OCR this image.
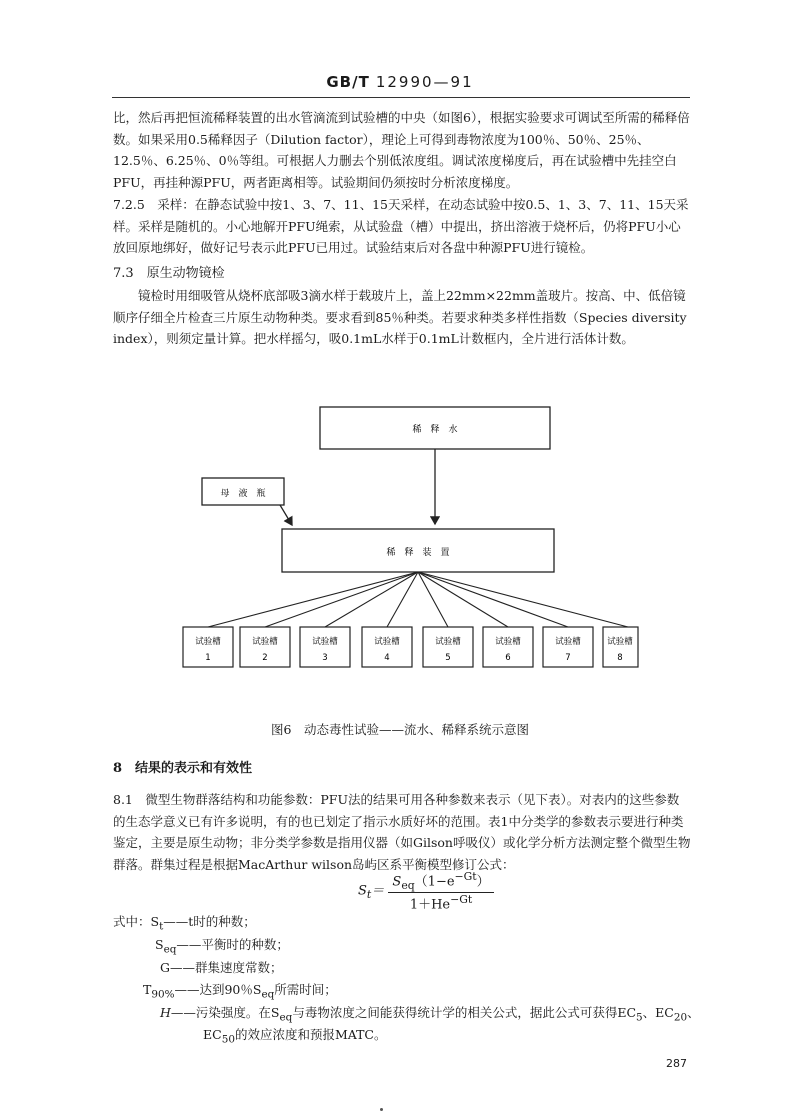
GB/T 12990—91

比，然后再把恒流稀释装置的出水管滴流到试验槽的中央（如图6），根据实验要求可调试至所需的稀释倍数。如果采用0.5稀释因子（Dilution factor），理论上可得到毒物浓度为100％、50％、25％、12.5％、6.25％、0％等组。可根据人力删去个别低浓度组。调试浓度梯度后，再在试验槽中先挂空白PFU，再挂种源PFU，两者距离相等。试验期间仍须按时分析浓度梯度。

7.2.5　采样：在静态试验中按1、3、7、11、15天采样，在动态试验中按0.5、1、3、7、11、15天采样。采样是随机的。小心地解开PFU绳索，从试验盘（槽）中提出，挤出溶液于烧杯后，仍将PFU小心放回原地绑好，做好记号表示此PFU已用过。试验结束后对各盘中种源PFU进行镜检。

7.3　原生动物镜检

镜检时用细吸管从烧杯底部吸3滴水样于载玻片上，盖上22mm×22mm盖玻片。按高、中、低倍镜顺序仔细全片检查三片原生动物种类。要求看到85％种类。若要求种类多样性指数（Species diversity index），则须定量计算。把水样摇匀，吸0.1mL水样于0.1mL计数框内，全片进行活体计数。

稀　释　水
母　液　瓶
稀　释　装　置
试验槽
1
试验槽
2
试验槽
3
试验槽
4
试验槽
5
试验槽
6
试验槽
7
试验槽
8
图6　动态毒性试验——流水、稀释系统示意图
8　结果的表示和有效性

8.1　微型生物群落结构和功能参数：PFU法的结果可用各种参数来表示（见下表）。对表内的这些参数的生态学意义已有许多说明，有的也已划定了指示水质好坏的范围。表1中分类学的参数表示要进行种类鉴定，主要是原生动物；非分类学参数是指用仪器（如Gilson呼吸仪）或化学分析方法测定整个微型生物群落。群集过程是根据MacArthur wilson岛屿区系平衡模型修订公式：

$S_t= \frac{S_{eq}(1-e^{-Gt})}{1+He^{-Gt}}$
式中：$S_t——t$时的种数；
$S_{eq}——$平衡时的种数；
G——群集速度常数；
$T_{90\%}——$达到90％$S_{eq}$所需时间；
H——污染强度。在$S_{eq}$与毒物浓度之间能获得统计学的相关公式，据此公式可获得$EC_5$、$EC_{20}$、
$EC_{50}$的效应浓度和预报MATC。
287
